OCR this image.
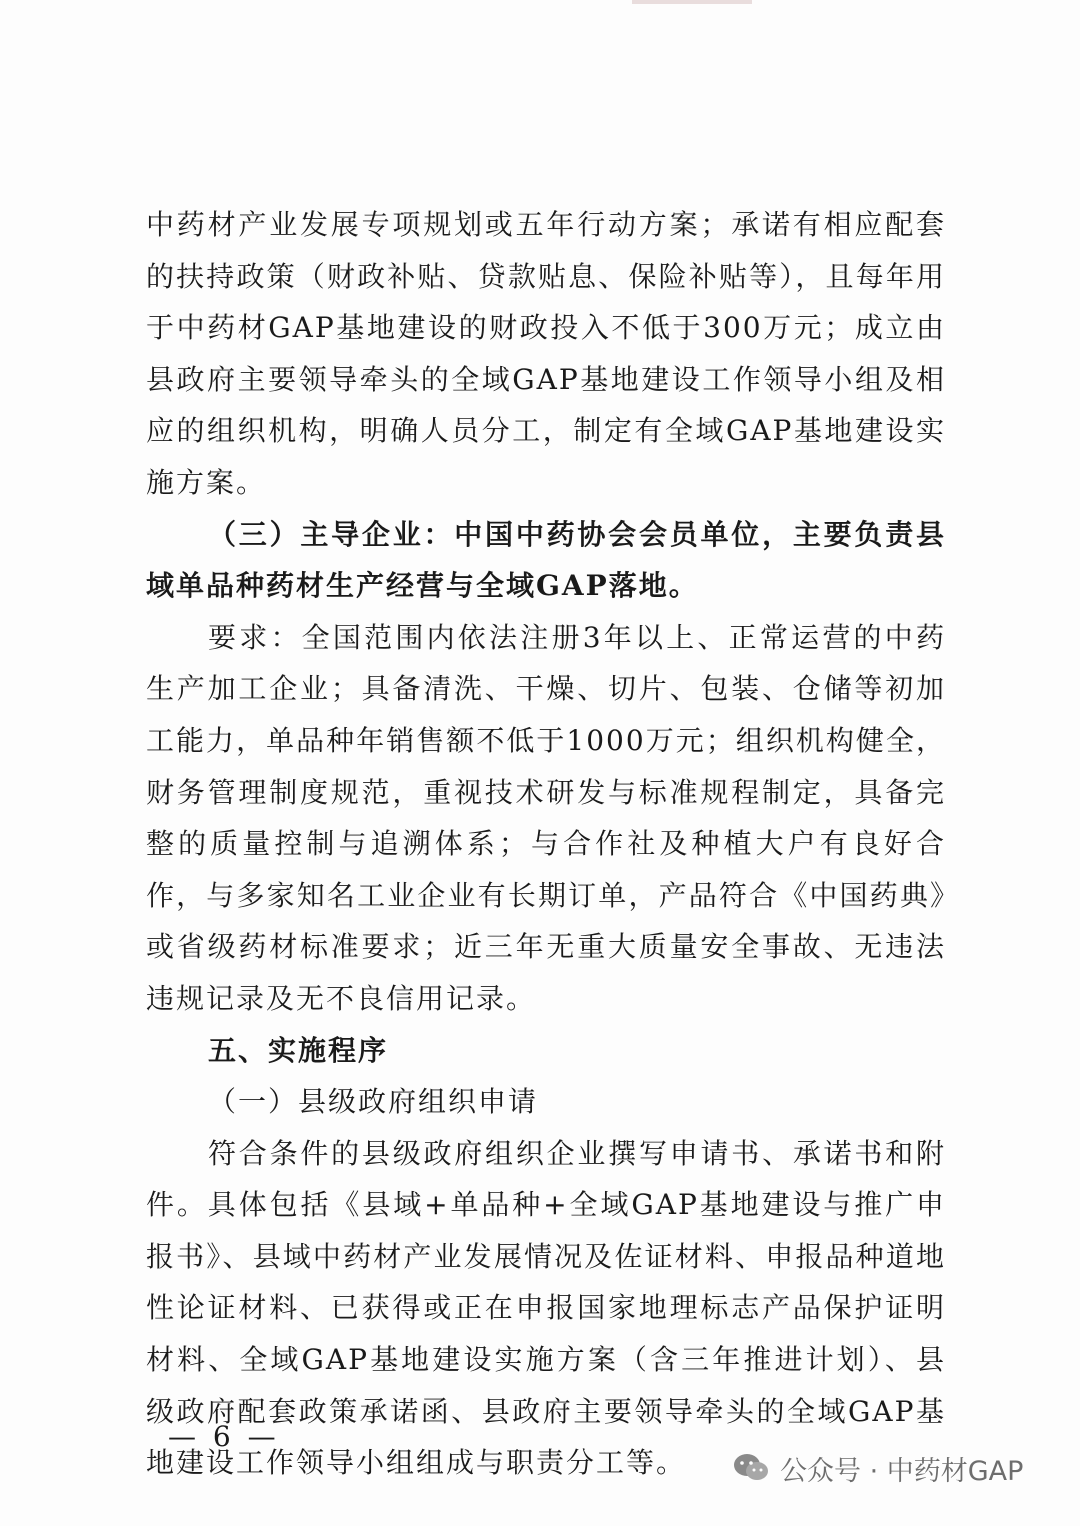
中药材产业发展专项规划或五年行动方案；承诺有相应配套的扶持政策（财政补贴、贷款贴息、保险补贴等），且每年用于中药材GAP基地建设的财政投入不低于300万元；成立由县政府主要领导牵头的全域GAP基地建设工作领导小组及相应的组织机构，明确人员分工，制定有全域GAP基地建设实施方案。

（三）主导企业：中国中药协会会员单位，主要负责县域单品种药材生产经营与全域GAP落地。

要求：全国范围内依法注册3年以上、正常运营的中药生产加工企业；具备清洗、干燥、切片、包装、仓储等初加工能力，单品种年销售额不低于1000万元；组织机构健全，财务管理制度规范，重视技术研发与标准规程制定，具备完整的质量控制与追溯体系；与合作社及种植大户有良好合作，与多家知名工业企业有长期订单，产品符合《中国药典》或省级药材标准要求；近三年无重大质量安全事故、无违法违规记录及无不良信用记录。

五、实施程序

（一）县级政府组织申请

符合条件的县级政府组织企业撰写申请书、承诺书和附件。具体包括《县域+单品种+全域GAP基地建设与推广申报书》、县域中药材产业发展情况及佐证材料、申报品种道地性论证材料、已获得或正在申报国家地理标志产品保护证明材料、全域GAP基地建设实施方案（含三年推进计划）、县级政府配套政策承诺函、县政府主要领导牵头的全域GAP基地建设工作领导小组组成与职责分工等。

— 6 —
公众号 · 中药材GAP
